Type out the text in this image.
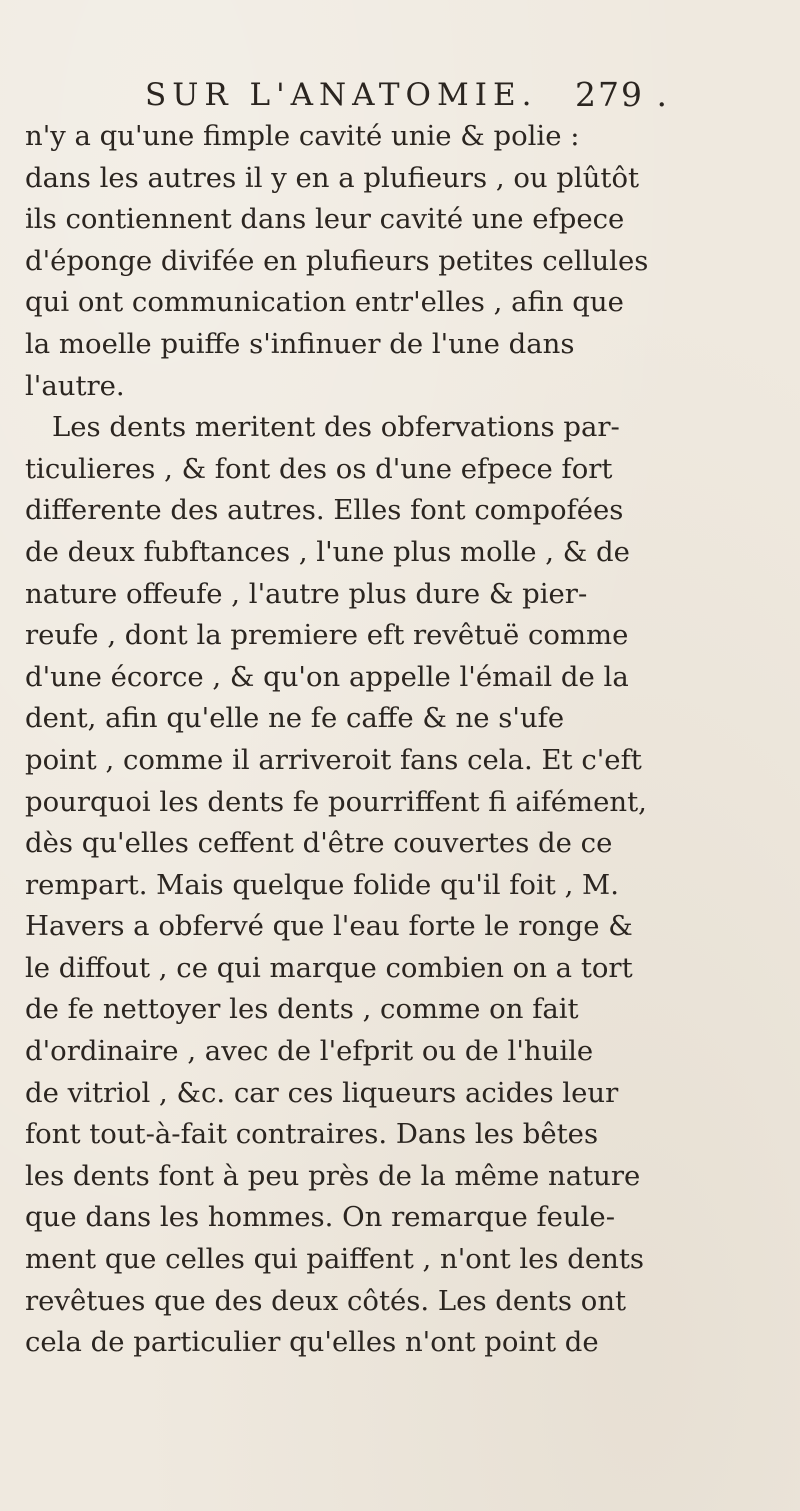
SUR L'ANATOMIE. 279 .
n'y a qu'une fimple cavité unie & polie :
dans les autres il y en a plufieurs , ou plûtôt
ils contiennent dans leur cavité une efpece
d'éponge divifée en plufieurs petites cellules
qui ont communication entr'elles , afin que
la moelle puiffe s'infinuer de l'une dans
l'autre.
Les dents meritent des obfervations par-
ticulieres , & font des os d'une efpece fort
differente des autres. Elles font compofées
de deux fubftances , l'une plus molle , & de
nature offeufe , l'autre plus dure & pier-
reufe , dont la premiere eft revêtuë comme
d'une écorce , & qu'on appelle l'émail de la
dent, afin qu'elle ne fe caffe & ne s'ufe
point , comme il arriveroit fans cela. Et c'eft
pourquoi les dents fe pourriffent fi aifément,
dès qu'elles ceffent d'être couvertes de ce
rempart. Mais quelque folide qu'il foit , M.
Havers a obfervé que l'eau forte le ronge &
le diffout , ce qui marque combien on a tort
de fe nettoyer les dents , comme on fait
d'ordinaire , avec de l'efprit ou de l'huile
de vitriol , &c. car ces liqueurs acides leur
font tout-à-fait contraires. Dans les bêtes
les dents font à peu près de la même nature
que dans les hommes. On remarque feule-
ment que celles qui paiffent , n'ont les dents
revêtues que des deux côtés. Les dents ont
cela de particulier qu'elles n'ont point de
